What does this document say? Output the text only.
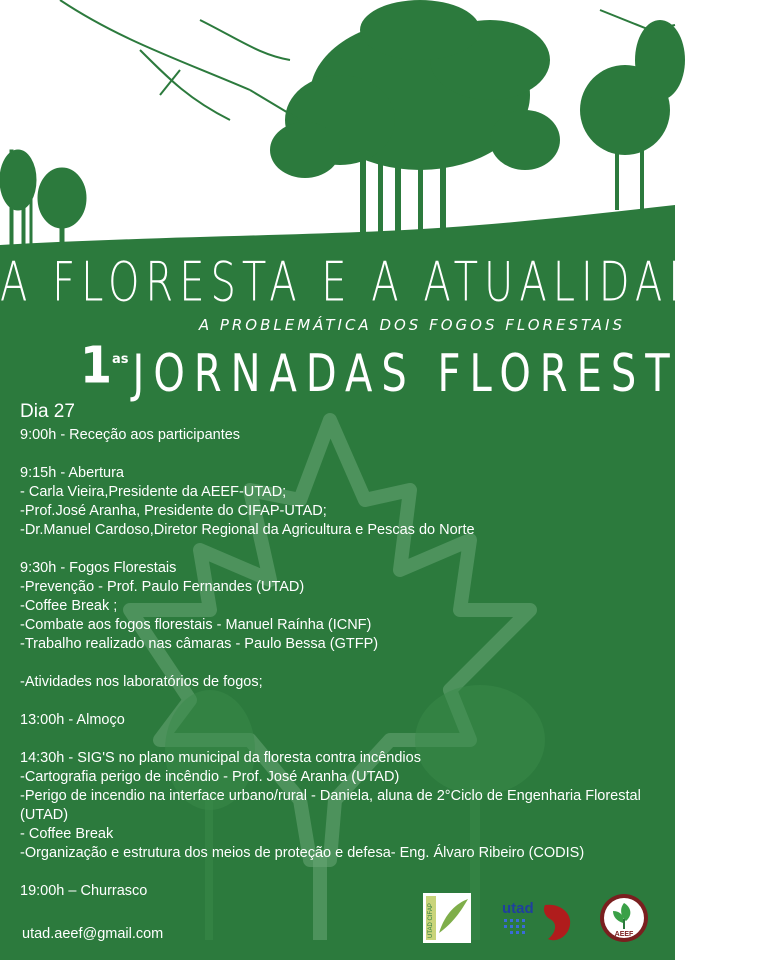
A FLORESTA E A ATUALIDADE
A PROBLEMÁTICA DOS FOGOS FLORESTAIS
1as JORNADAS FLORESTAIS
Dia 27
9:00h - Receção aos participantes
9:15h - Abertura
- Carla Vieira,Presidente da AEEF-UTAD;
-Prof.José Aranha, Presidente do CIFAP-UTAD;
-Dr.Manuel Cardoso,Diretor Regional da Agricultura e Pescas do Norte
9:30h - Fogos Florestais
-Prevenção - Prof. Paulo Fernandes (UTAD)
-Coffee Break ;
-Combate aos fogos florestais - Manuel Raínha (ICNF)
-Trabalho realizado nas câmaras - Paulo Bessa (GTFP)
-Atividades nos laboratórios de fogos;
13:00h - Almoço
14:30h - SIG'S no plano municipal da floresta contra incêndios
-Cartografia perigo de incêndio - Prof. José Aranha (UTAD)
-Perigo de incendio na interface urbano/rural - Daniela, aluna de 2°Ciclo de Engenharia Florestal (UTAD)
- Coffee Break
-Organização e estrutura dos meios de proteção e defesa- Eng. Álvaro Ribeiro (CODIS)
19:00h – Churrasco
utad.aeef@gmail.com	UTAD CIFAP	utad
AEEF
